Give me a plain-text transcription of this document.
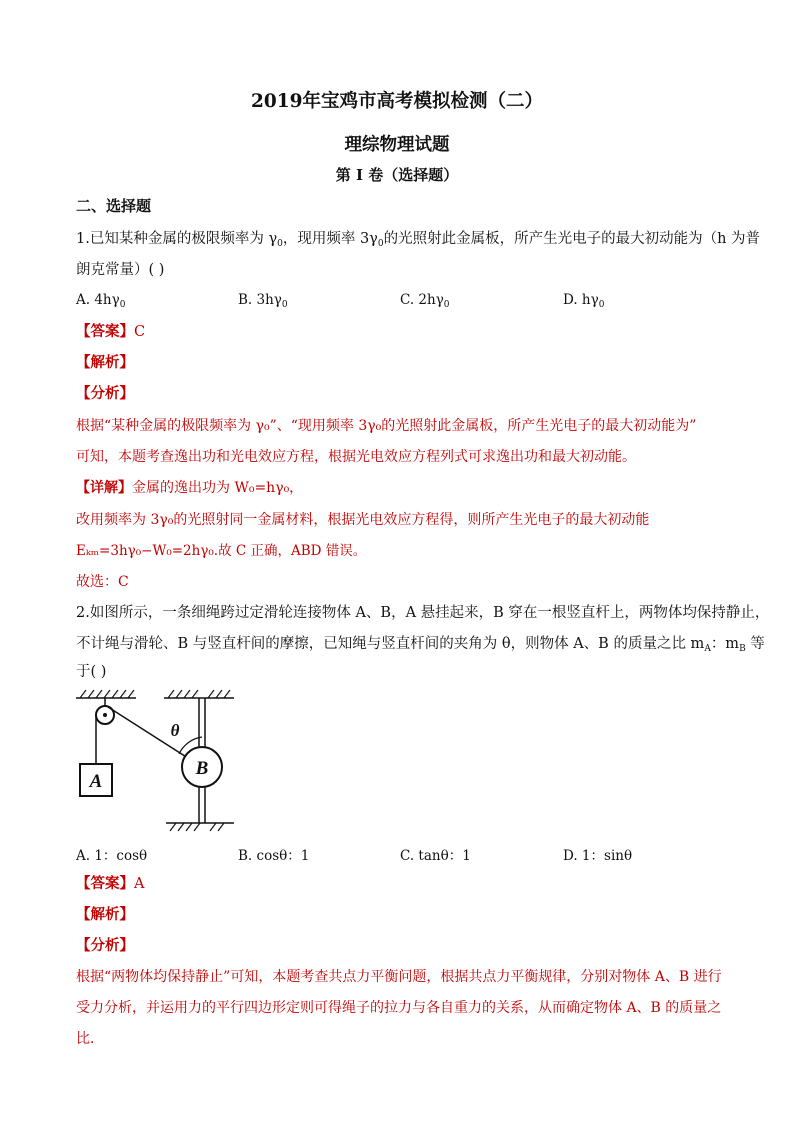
2019年宝鸡市高考模拟检测（二）
理综物理试题
第 I 卷（选择题）
二、选择题
1.已知某种金属的极限频率为 $\gamma_0$，现用频率 $3\gamma_0$的光照射此金属板，所产生光电子的最大初动能为（h 为普
朗克常量）( )
A. $4h\gamma_0$	B. $3h\gamma_0$	C. $2h\gamma_0$	D. $h\gamma_0$
【答案】C
【解析】
【分析】
根据“某种金属的极限频率为 γ₀”、“现用频率 3γ₀的光照射此金属板，所产生光电子的最大初动能为”
可知，本题考查逸出功和光电效应方程，根据光电效应方程列式可求逸出功和最大初动能。
【详解】金属的逸出功为 W₀=hγ₀，
改用频率为 3γ₀的光照射同一金属材料，根据光电效应方程得，则所产生光电子的最大初动能
Eₖₘ=3hγ₀−W₀=2hγ₀.故 C 正确，ABD 错误。
故选：C
2.如图所示，一条细绳跨过定滑轮连接物体 A、B，A 悬挂起来，B 穿在一根竖直杆上，两物体均保持静止，
不计绳与滑轮、B 与竖直杆间的摩擦，已知绳与竖直杆间的夹角为 θ，则物体 A、B 的质量之比 $m_A$：$m_B$ 等
于( )
A
θ
B
A. 1：cosθ	B. cosθ：1	C. tanθ：1	D. 1：sinθ
【答案】A
【解析】
【分析】
根据“两物体均保持静止”可知，本题考查共点力平衡问题，根据共点力平衡规律，分别对物体 A、B 进行
受力分析，并运用力的平行四边形定则可得绳子的拉力与各自重力的关系，从而确定物体 A、B 的质量之
比．
